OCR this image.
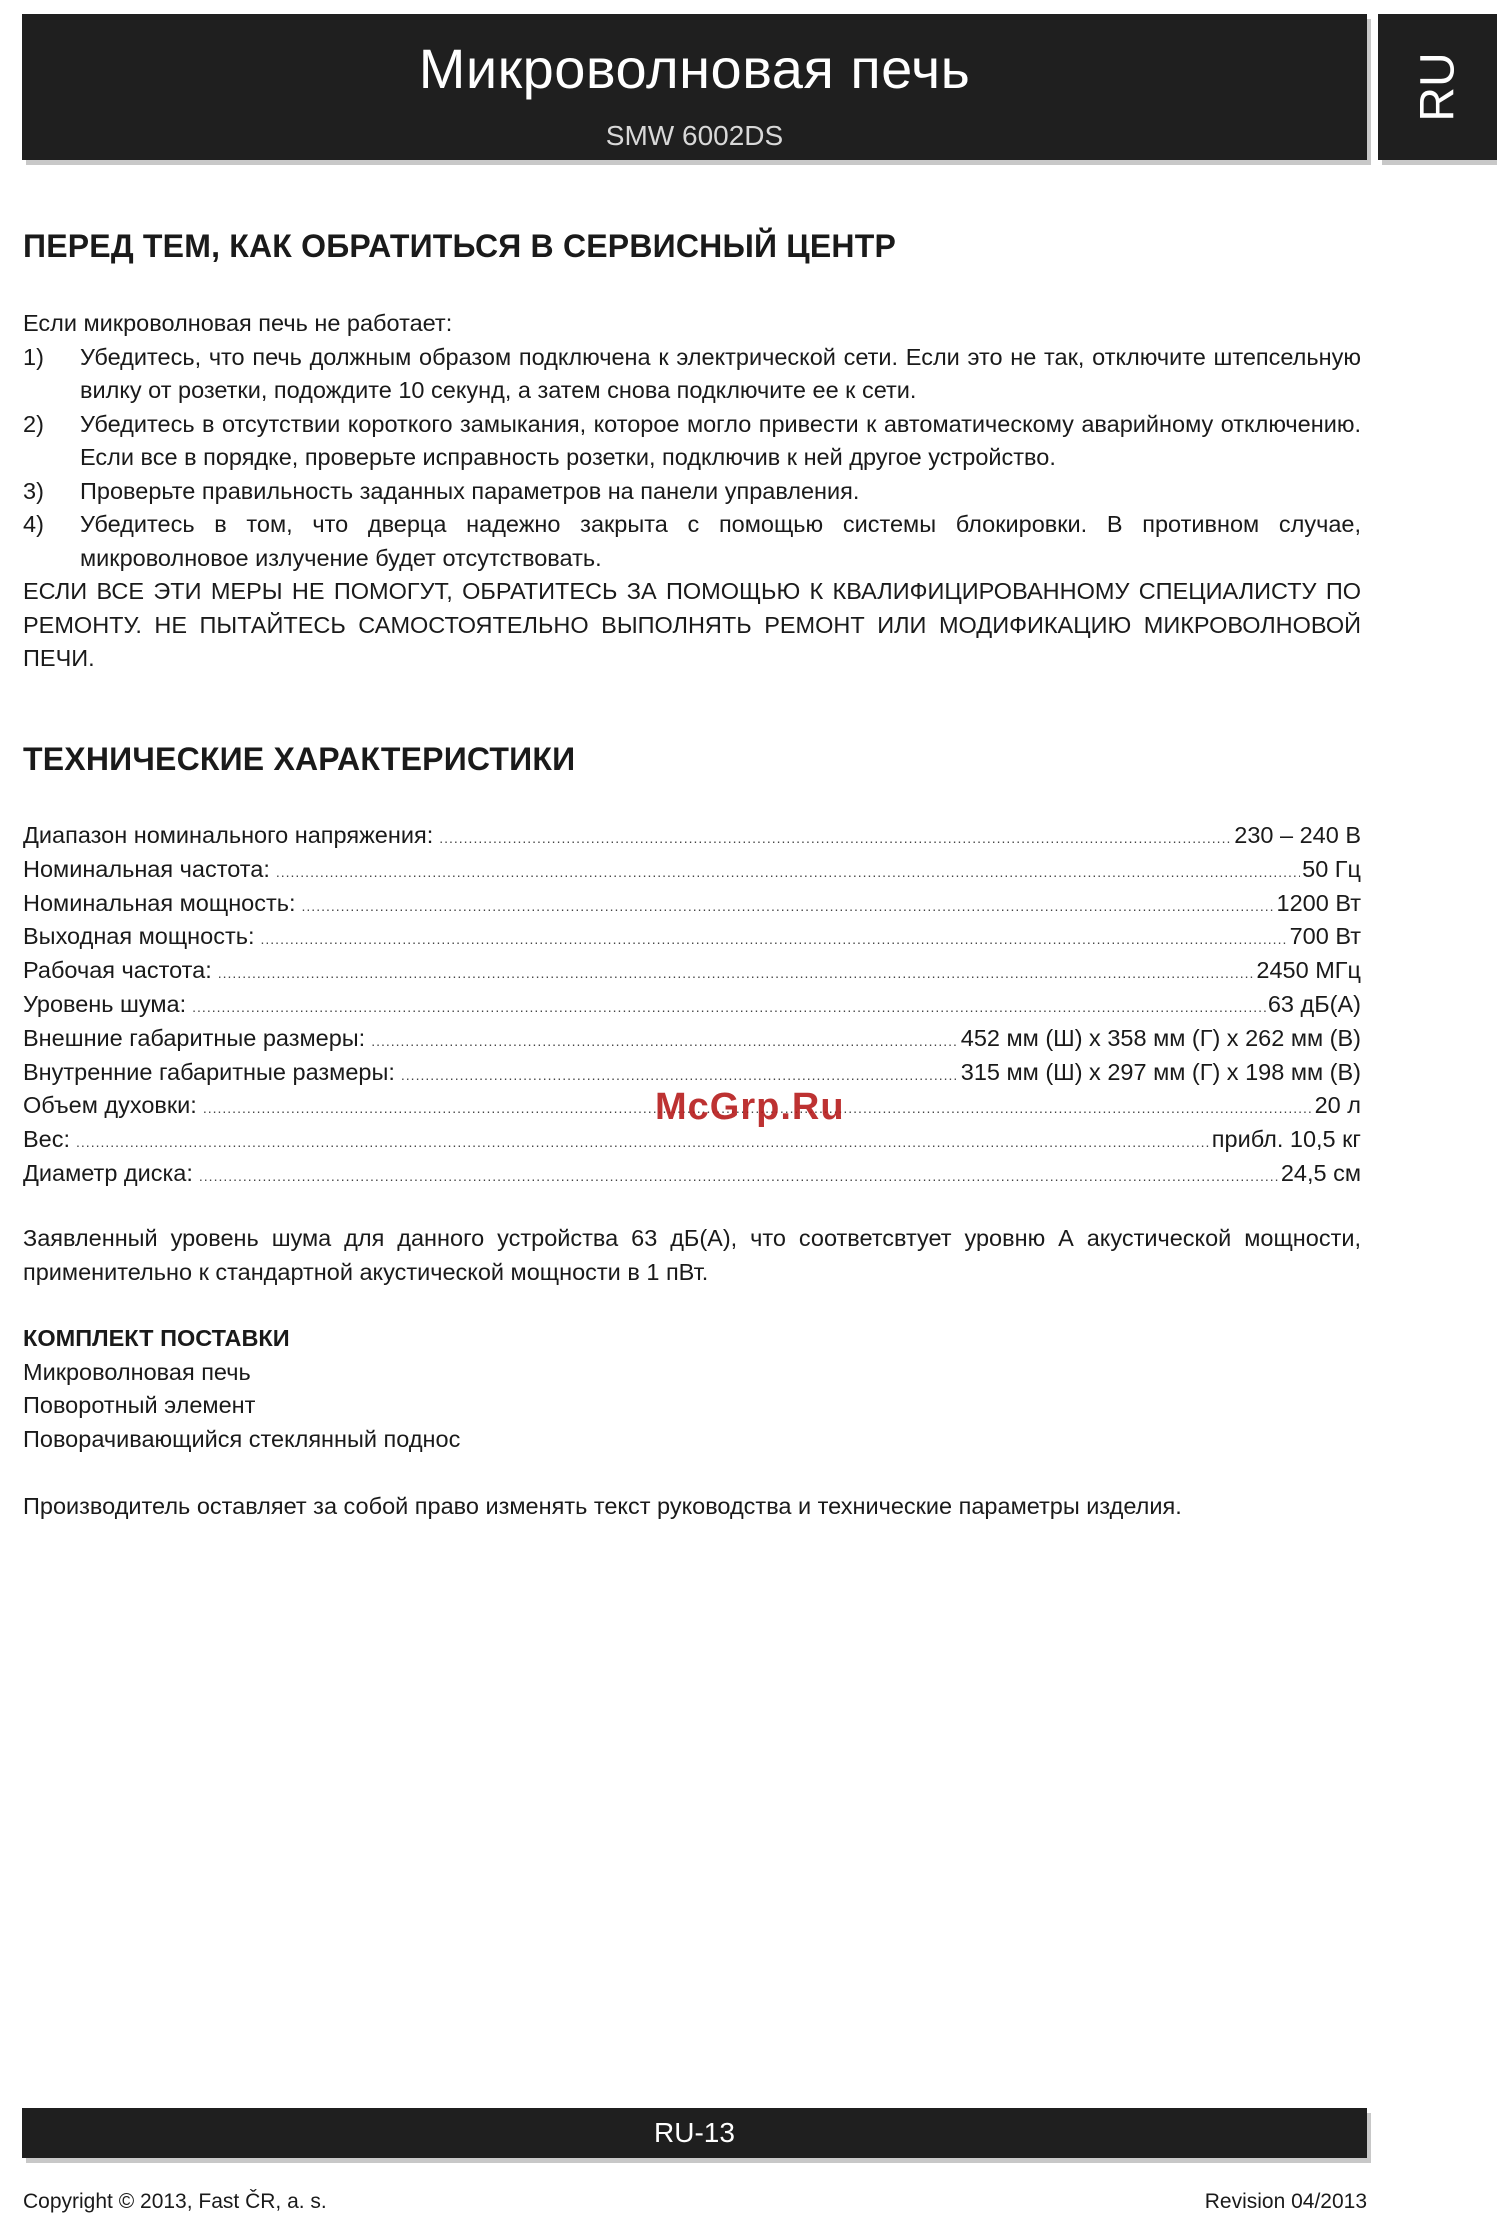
Микроволновая печь
SMW 6002DS
RU
ПЕРЕД ТЕМ, КАК ОБРАТИТЬСЯ В СЕРВИСНЫЙ ЦЕНТР
Если микроволновая печь не работает:
1)	Убедитесь, что печь должным образом подключена к электрической сети. Если это не так, отключите штепсельную вилку от розетки, подождите 10 секунд, а затем снова подключите ее к сети.
2)	Убедитесь в отсутствии короткого замыкания, которое могло привести к автоматическому аварийному отключению. Если все в порядке, проверьте исправность розетки, подключив к ней другое устройство.
3)	Проверьте правильность заданных параметров на панели управления.
4)	Убедитесь в том, что дверца надежно закрыта с помощью системы блокировки. В противном случае, микроволновое излучение будет отсутствовать.
ЕСЛИ ВСЕ ЭТИ МЕРЫ НЕ ПОМОГУТ, ОБРАТИТЕСЬ ЗА ПОМОЩЬЮ К КВАЛИФИЦИРОВАННОМУ СПЕЦИАЛИСТУ ПО РЕМОНТУ. НЕ ПЫТАЙТЕСЬ САМОСТОЯТЕЛЬНО ВЫПОЛНЯТЬ РЕМОНТ ИЛИ МОДИФИКАЦИЮ МИКРОВОЛНОВОЙ ПЕЧИ.
ТЕХНИЧЕСКИЕ ХАРАКТЕРИСТИКИ
Диапазон номинального напряжения: .....	230 – 240 В
Номинальная частота: .....	50 Гц
Номинальная мощность: .....	1200 Вт
Выходная мощность: .....	700 Вт
Рабочая частота: .....	2450 МГц
Уровень шума: .....	63 дБ(А)
Внешние габаритные размеры: .....	452 мм (Ш) x 358 мм (Г) x 262 мм (В)
Внутренние габаритные размеры: .....	315 мм (Ш) x 297 мм (Г) x 198 мм (В)
Объем духовки: .....	20 л
Вес: .....	прибл. 10,5 кг
Диаметр диска: .....	24,5 см
Заявленный уровень шума для данного устройства 63 дБ(А), что соответсвтует уровню А акустической мощности, применительно к стандартной акустической мощности в 1 пВт.
КОМПЛЕКТ ПОСТАВКИ
Микроволновая печь
Поворотный элемент
Поворачивающийся стеклянный поднос
Производитель оставляет за собой право изменять текст руководства и технические параметры изделия.
McGrp.Ru
RU-13
Copyright © 2013, Fast ČR, a. s.	Revision 04/2013
